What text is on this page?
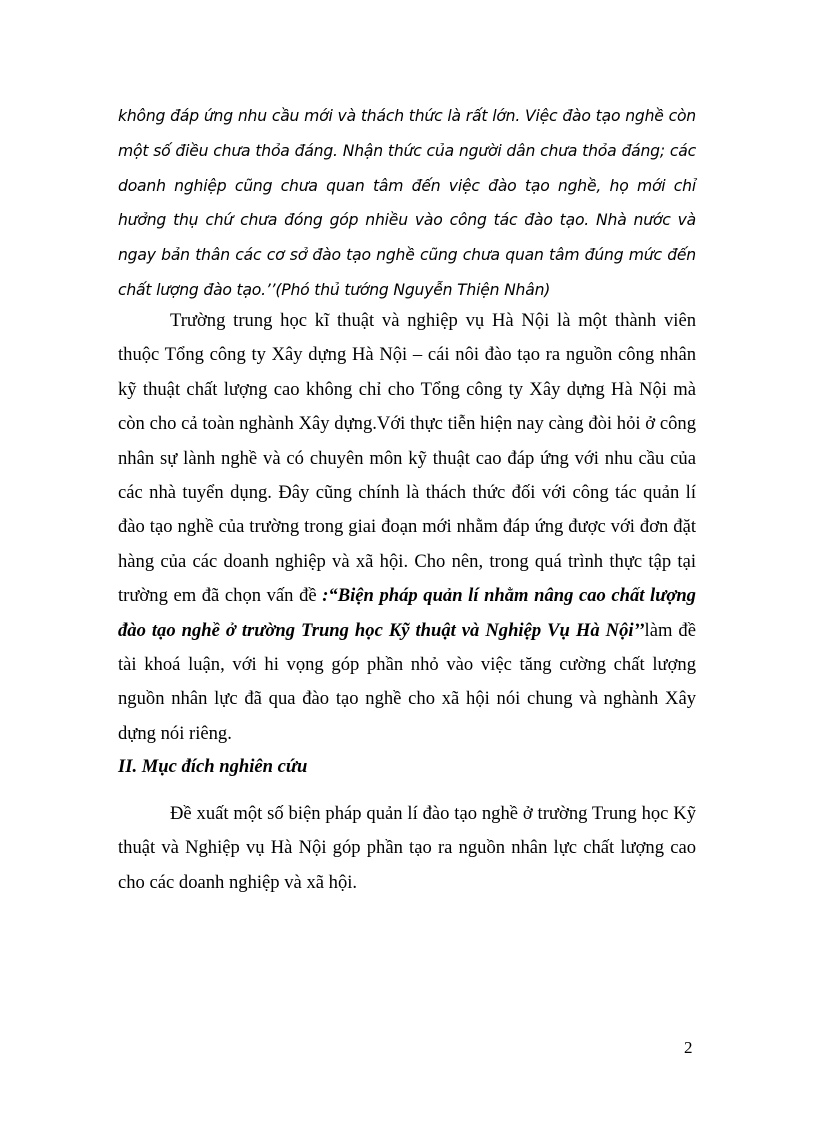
không đáp ứng nhu cầu mới và thách thức là rất lớn. Việc đào tạo nghề còn một số điều chưa thỏa đáng. Nhận thức của người dân chưa thỏa đáng; các doanh nghiệp cũng chưa quan tâm đến việc đào tạo nghề, họ mới chỉ hưởng thụ chứ chưa đóng góp nhiều vào công tác đào tạo. Nhà nước và ngay bản thân các cơ sở đào tạo nghề cũng chưa quan tâm đúng mức đến chất lượng đào tạo.’’(Phó thủ tướng Nguyễn Thiện Nhân)

Trường trung học kĩ thuật và nghiệp vụ Hà Nội là một thành viên thuộc Tổng công ty Xây dựng Hà Nội – cái nôi đào tạo ra nguồn công nhân kỹ thuật chất lượng cao không chỉ cho Tổng công ty Xây dựng Hà Nội mà còn cho cả toàn nghành Xây dựng.Với thực tiễn hiện nay càng đòi hỏi ở công nhân sự lành nghề và có chuyên môn kỹ thuật cao đáp ứng với nhu cầu của các nhà tuyển dụng. Đây cũng chính là thách thức đối với công tác quản lí đào tạo nghề của trường trong giai đoạn mới nhằm đáp ứng được với đơn đặt hàng của các doanh nghiệp và xã hội. Cho nên, trong quá trình thực tập tại trường em đã chọn vấn đề :“Biện pháp quản lí nhằm nâng cao chất lượng đào tạo nghề ở trường Trung học Kỹ thuật và Nghiệp Vụ Hà Nội’’làm đề tài khoá luận, với hi vọng góp phần nhỏ vào việc tăng cường chất lượng nguồn nhân lực đã qua đào tạo nghề cho xã hội nói chung và nghành Xây dựng nói riêng.

II. Mục đích nghiên cứu

Đề xuất một số biện pháp quản lí đào tạo nghề ở trường Trung học Kỹ thuật và Nghiệp vụ Hà Nội góp phần tạo ra nguồn nhân lực chất lượng cao cho các doanh nghiệp và xã hội.

2
